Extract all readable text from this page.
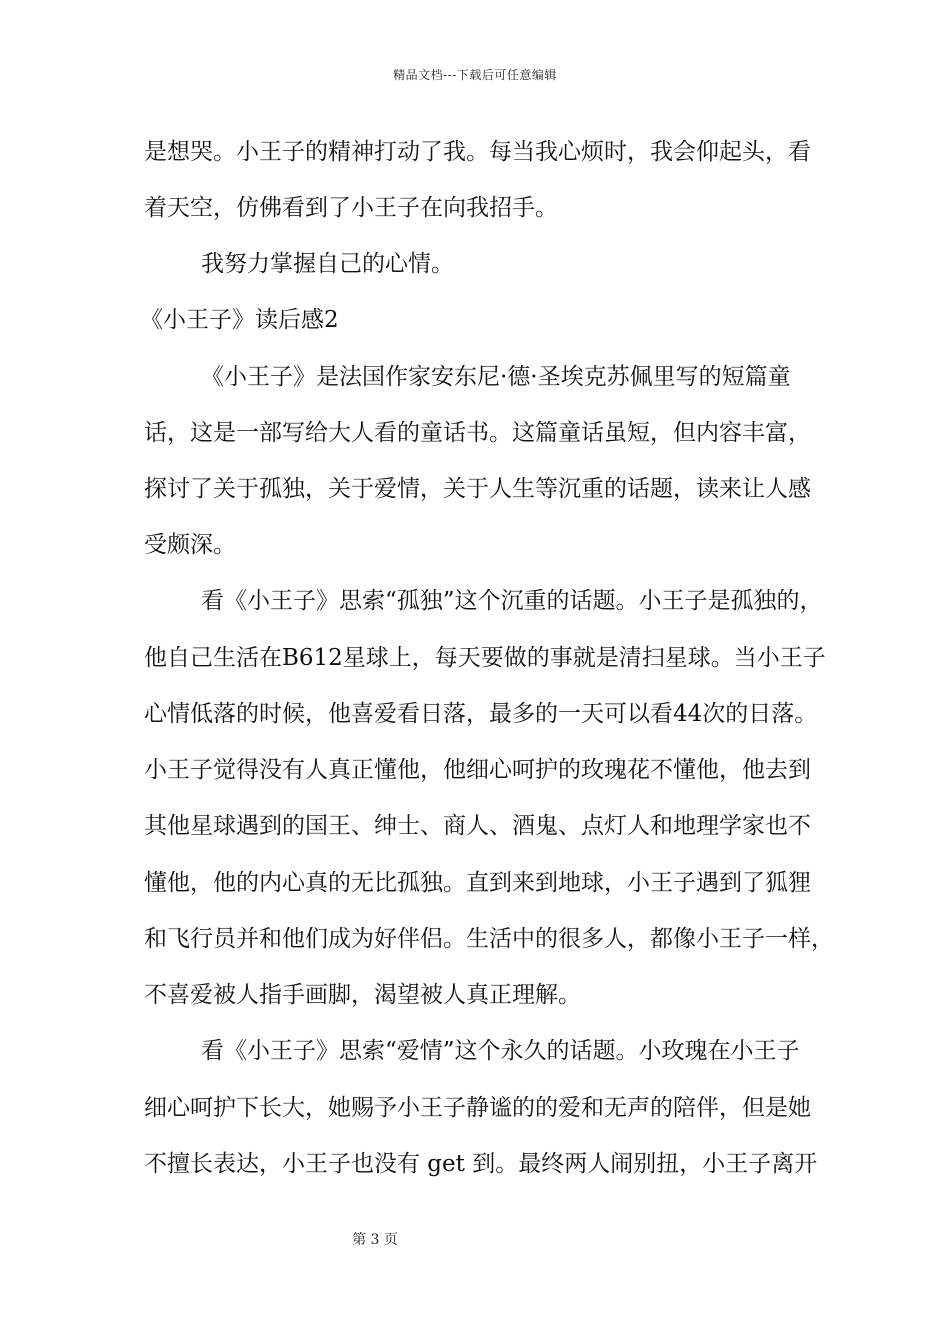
精品文档---下载后可任意编辑
是想哭。小王子的精神打动了我。每当我心烦时，我会仰起头，看
着天空，仿佛看到了小王子在向我招手。
我努力掌握自己的心情。
《小王子》读后感2
《小王子》是法国作家安东尼·德·圣埃克苏佩里写的短篇童
话，这是一部写给大人看的童话书。这篇童话虽短，但内容丰富，
探讨了关于孤独，关于爱情，关于人生等沉重的话题，读来让人感
受颇深。
看《小王子》思索“孤独”这个沉重的话题。小王子是孤独的，
他自己生活在B612星球上，每天要做的事就是清扫星球。当小王子
心情低落的时候，他喜爱看日落，最多的一天可以看44次的日落。
小王子觉得没有人真正懂他，他细心呵护的玫瑰花不懂他，他去到
其他星球遇到的国王、绅士、商人、酒鬼、点灯人和地理学家也不
懂他，他的内心真的无比孤独。直到来到地球，小王子遇到了狐狸
和飞行员并和他们成为好伴侣。生活中的很多人，都像小王子一样，
不喜爱被人指手画脚，渴望被人真正理解。
看《小王子》思索“爱情”这个永久的话题。小玫瑰在小王子
细心呵护下长大，她赐予小王子静谧的的爱和无声的陪伴，但是她
不擅长表达，小王子也没有 get 到。最终两人闹别扭，小王子离开
第 3 页
